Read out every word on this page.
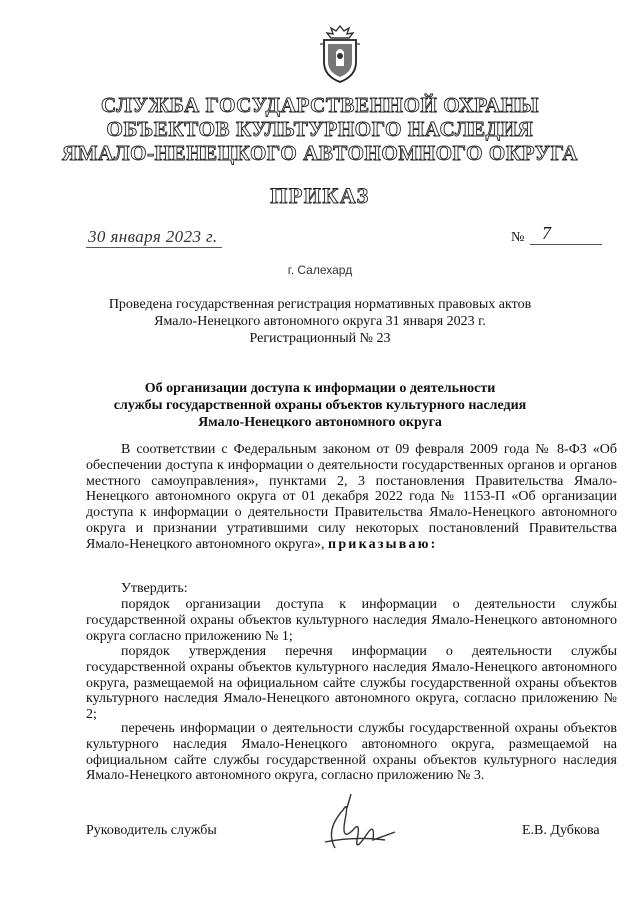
СЛУЖБА ГОСУДАРСТВЕННОЙ ОХРАНЫ
ОБЪЕКТОВ КУЛЬТУРНОГО НАСЛЕДИЯ
ЯМАЛО-НЕНЕЦКОГО АВТОНОМНОГО ОКРУГА
ПРИКАЗ
30 января 2023 г.	№ 7
г. Салехард
Проведена государственная регистрация нормативных правовых актов
Ямало-Ненецкого автономного округа 31 января 2023 г.
Регистрационный № 23
Об организации доступа к информации о деятельности
службы государственной охраны объектов культурного наследия
Ямало-Ненецкого автономного округа
В соответствии с Федеральным законом от 09 февраля 2009 года № 8-ФЗ «Об обеспечении доступа к информации о деятельности государственных органов и органов местного самоуправления», пунктами 2, 3 постановления Правительства Ямало-Ненецкого автономного округа от 01 декабря 2022 года № 1153-П «Об организации доступа к информации о деятельности Правительства Ямало-Ненецкого автономного округа и признании утратившими силу некоторых постановлений Правительства Ямало-Ненецкого автономного округа», приказываю:
Утвердить:
порядок организации доступа к информации о деятельности службы государственной охраны объектов культурного наследия Ямало-Ненецкого автономного округа согласно приложению № 1;
порядок утверждения перечня информации о деятельности службы государственной охраны объектов культурного наследия Ямало-Ненецкого автономного округа, размещаемой на официальном сайте службы государственной охраны объектов культурного наследия Ямало-Ненецкого автономного округа, согласно приложению № 2;
перечень информации о деятельности службы государственной охраны объектов культурного наследия Ямало-Ненецкого автономного округа, размещаемой на официальном сайте службы государственной охраны объектов культурного наследия Ямало-Ненецкого автономного округа, согласно приложению № 3.
Руководитель службы	Е.В. Дубкова
